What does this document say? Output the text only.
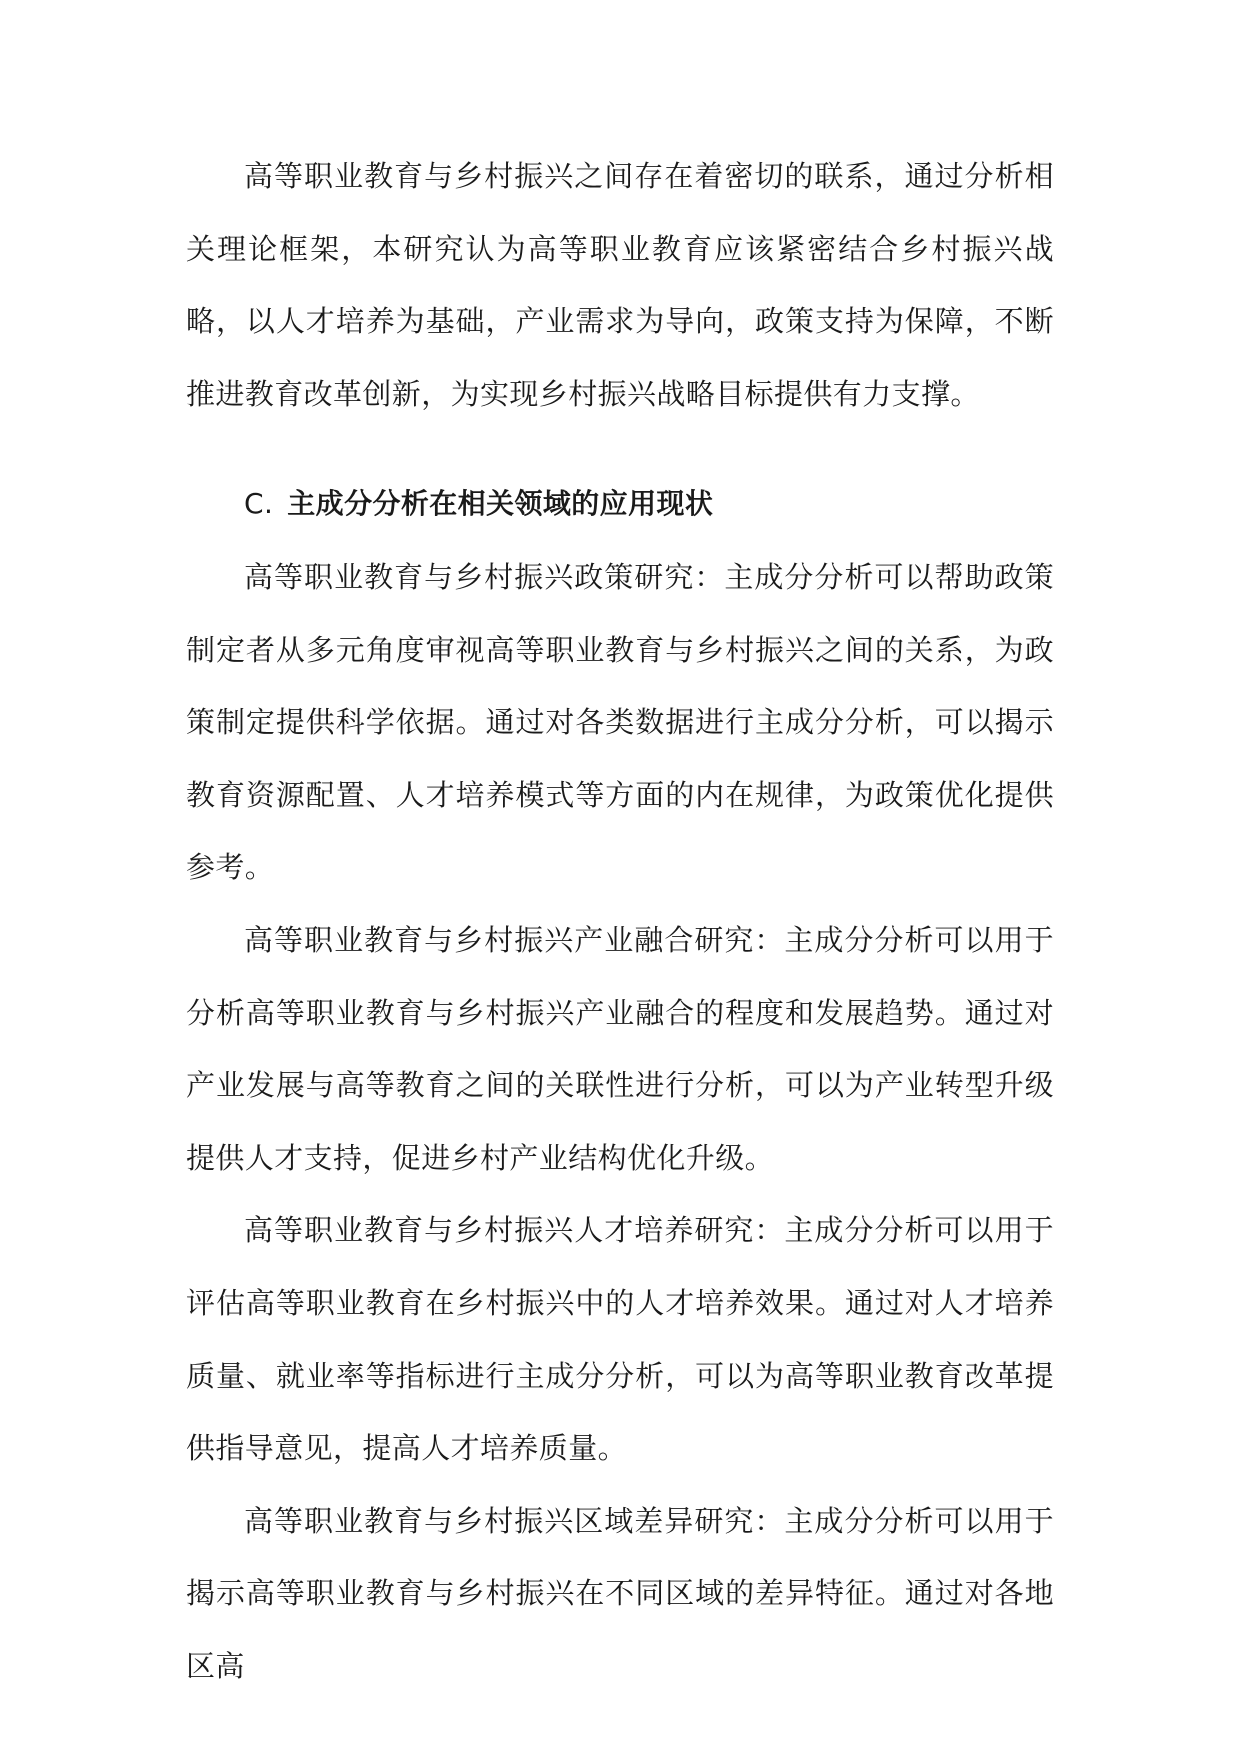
高等职业教育与乡村振兴之间存在着密切的联系，通过分析相关理论框架，本研究认为高等职业教育应该紧密结合乡村振兴战略，以人才培养为基础，产业需求为导向，政策支持为保障，不断推进教育改革创新，为实现乡村振兴战略目标提供有力支撑。

C. 主成分分析在相关领域的应用现状

高等职业教育与乡村振兴政策研究：主成分分析可以帮助政策制定者从多元角度审视高等职业教育与乡村振兴之间的关系，为政策制定提供科学依据。通过对各类数据进行主成分分析，可以揭示教育资源配置、人才培养模式等方面的内在规律，为政策优化提供参考。

高等职业教育与乡村振兴产业融合研究：主成分分析可以用于分析高等职业教育与乡村振兴产业融合的程度和发展趋势。通过对产业发展与高等教育之间的关联性进行分析，可以为产业转型升级提供人才支持，促进乡村产业结构优化升级。

高等职业教育与乡村振兴人才培养研究：主成分分析可以用于评估高等职业教育在乡村振兴中的人才培养效果。通过对人才培养质量、就业率等指标进行主成分分析，可以为高等职业教育改革提供指导意见，提高人才培养质量。

高等职业教育与乡村振兴区域差异研究：主成分分析可以用于揭示高等职业教育与乡村振兴在不同区域的差异特征。通过对各地区高
